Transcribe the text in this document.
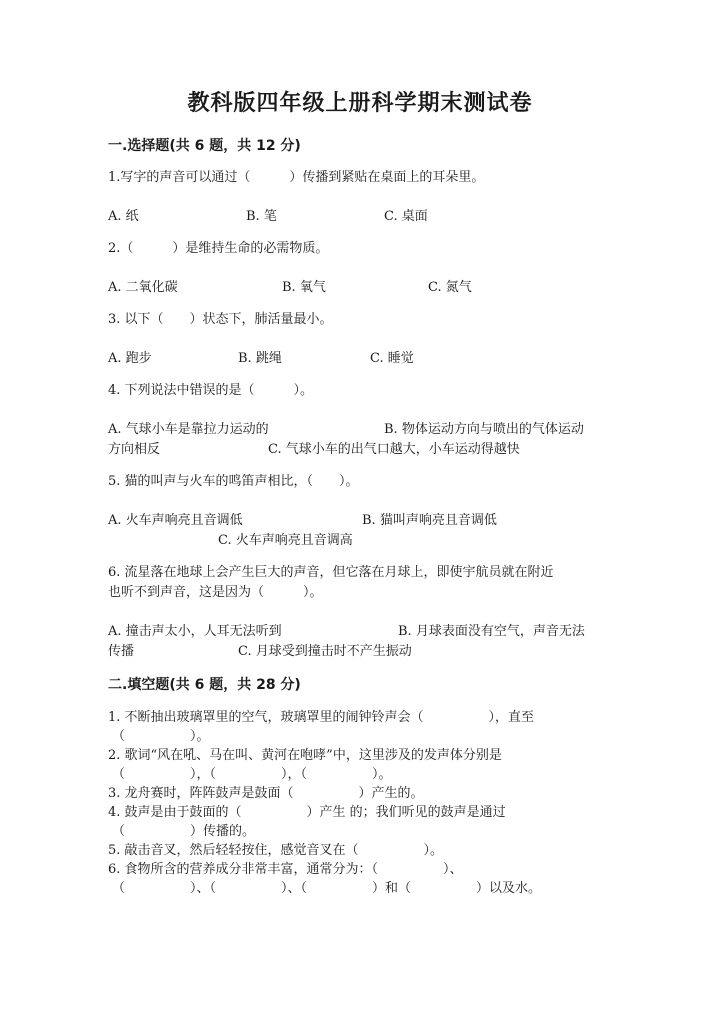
教科版四年级上册科学期末测试卷
一.选择题(共 6 题，共 12 分)
1.写字的声音可以通过（　　　）传播到紧贴在桌面上的耳朵里。
A. 纸	B. 笔	C. 桌面
2.（　　　）是维持生命的必需物质。
A. 二氧化碳	B. 氧气	C. 氮气
3. 以下（　　）状态下，肺活量最小。
A. 跑步	B. 跳绳	C. 睡觉
4. 下列说法中错误的是（　　　）。
A. 气球小车是靠拉力运动的	B. 物体运动方向与喷出的气体运动
方向相反	C. 气球小车的出气口越大，小车运动得越快
5. 猫的叫声与火车的鸣笛声相比，（　　）。
A. 火车声响亮且音调低	B. 猫叫声响亮且音调低
C. 火车声响亮且音调高
6. 流星落在地球上会产生巨大的声音，但它落在月球上，即使宇航员就在附近
也听不到声音，这是因为（　　　）。
A. 撞击声太小，人耳无法听到	B. 月球表面没有空气，声音无法
传播	C. 月球受到撞击时不产生振动
二.填空题(共 6 题，共 28 分)
1. 不断抽出玻璃罩里的空气，玻璃罩里的闹钟铃声会（　　　　　），直至
（　　　　　）。
2. 歌词“风在吼、马在叫、黄河在咆哮”中，这里涉及的发声体分别是
（　　　　　），（　　　　　），（　　　　　）。
3. 龙舟赛时，阵阵鼓声是鼓面（　　　　　）产生的。
4. 鼓声是由于鼓面的（　　　　　）产生 的；我们听见的鼓声是通过
（　　　　　）传播的。
5. 敲击音叉，然后轻轻按住，感觉音叉在（　　　　　）。
6. 食物所含的营养成分非常丰富，通常分为：（　　　　　）、
（　　　　　）、（　　　　　）、（　　　　　）和（　　　　　）以及水。
